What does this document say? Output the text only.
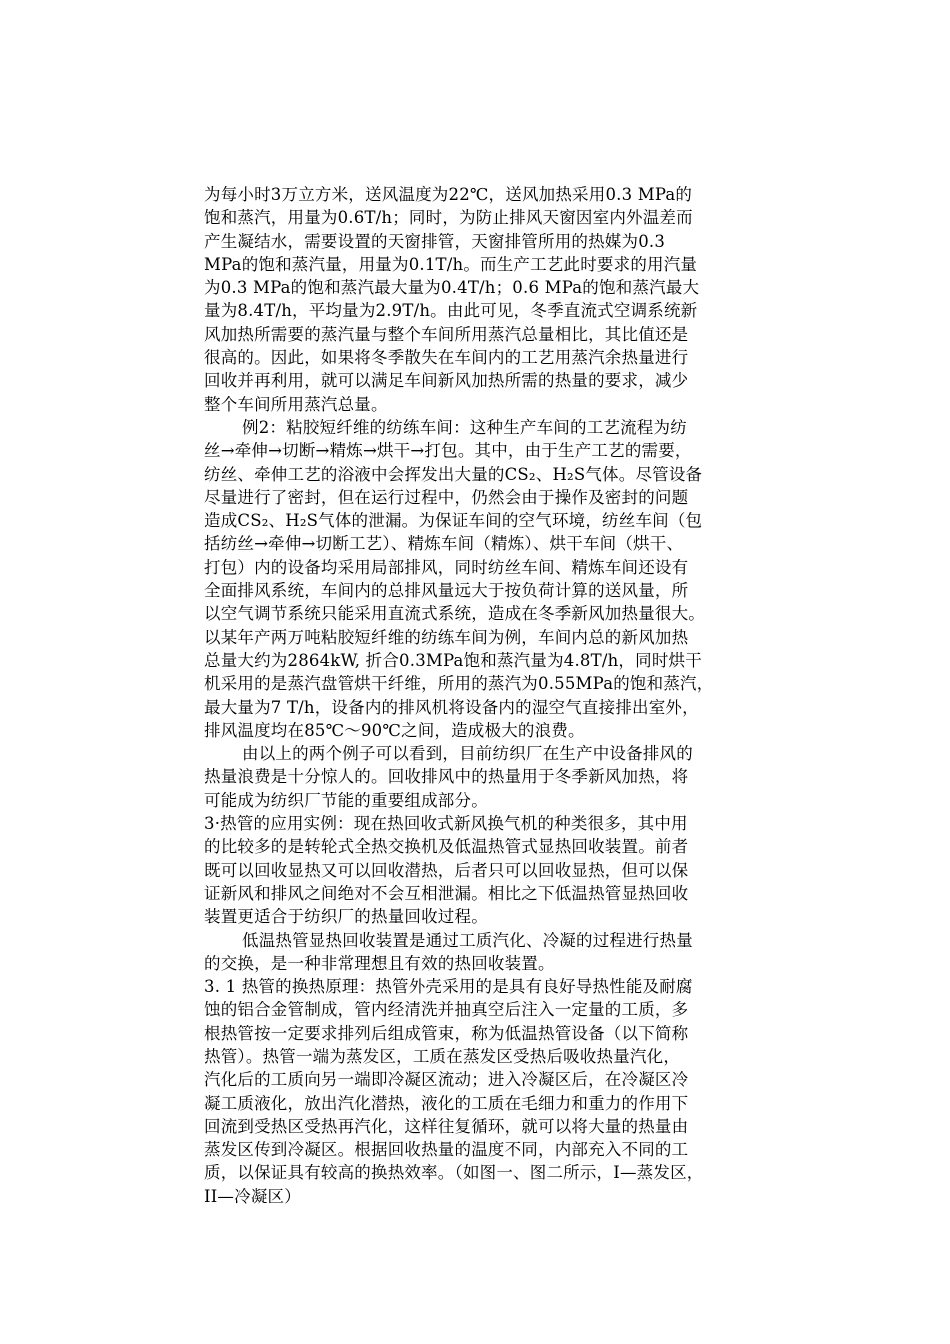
为每小时3万立方米，送风温度为22℃，送风加热采用0.3 MPa的
饱和蒸汽，用量为0.6T/h；同时，为防止排风天窗因室内外温差而
产生凝结水，需要设置的天窗排管，天窗排管所用的热媒为0.3
MPa的饱和蒸汽量，用量为0.1T/h。而生产工艺此时要求的用汽量
为0.3 MPa的饱和蒸汽最大量为0.4T/h；0.6 MPa的饱和蒸汽最大
量为8.4T/h，平均量为2.9T/h。由此可见，冬季直流式空调系统新
风加热所需要的蒸汽量与整个车间所用蒸汽总量相比，其比值还是
很高的。因此，如果将冬季散失在车间内的工艺用蒸汽余热量进行
回收并再利用，就可以满足车间新风加热所需的热量的要求，减少
整个车间所用蒸汽总量。
例2：粘胶短纤维的纺练车间：这种生产车间的工艺流程为纺
丝→牵伸→切断→精炼→烘干→打包。其中，由于生产工艺的需要，
纺丝、牵伸工艺的浴液中会挥发出大量的CS₂、H₂S气体。尽管设备
尽量进行了密封，但在运行过程中，仍然会由于操作及密封的问题
造成CS₂、H₂S气体的泄漏。为保证车间的空气环境，纺丝车间（包
括纺丝→牵伸→切断工艺）、精炼车间（精炼）、烘干车间（烘干、
打包）内的设备均采用局部排风，同时纺丝车间、精炼车间还设有
全面排风系统，车间内的总排风量远大于按负荷计算的送风量，所
以空气调节系统只能采用直流式系统，造成在冬季新风加热量很大。
以某年产两万吨粘胶短纤维的纺练车间为例，车间内总的新风加热
总量大约为2864kW, 折合0.3MPa饱和蒸汽量为4.8T/h，同时烘干
机采用的是蒸汽盘管烘干纤维，所用的蒸汽为0.55MPa的饱和蒸汽，
最大量为7 T/h，设备内的排风机将设备内的湿空气直接排出室外，
排风温度均在85℃～90℃之间，造成极大的浪费。
由以上的两个例子可以看到，目前纺织厂在生产中设备排风的
热量浪费是十分惊人的。回收排风中的热量用于冬季新风加热，将
可能成为纺织厂节能的重要组成部分。
3·热管的应用实例：现在热回收式新风换气机的种类很多，其中用
的比较多的是转轮式全热交换机及低温热管式显热回收装置。前者
既可以回收显热又可以回收潜热，后者只可以回收显热，但可以保
证新风和排风之间绝对不会互相泄漏。相比之下低温热管显热回收
装置更适合于纺织厂的热量回收过程。
低温热管显热回收装置是通过工质汽化、冷凝的过程进行热量
的交换，是一种非常理想且有效的热回收装置。
3. 1 热管的换热原理：热管外壳采用的是具有良好导热性能及耐腐
蚀的铝合金管制成，管内经清洗并抽真空后注入一定量的工质，多
根热管按一定要求排列后组成管束，称为低温热管设备（以下简称
热管）。热管一端为蒸发区，工质在蒸发区受热后吸收热量汽化，
汽化后的工质向另一端即冷凝区流动；进入冷凝区后，在冷凝区冷
凝工质液化，放出汽化潜热，液化的工质在毛细力和重力的作用下
回流到受热区受热再汽化，这样往复循环，就可以将大量的热量由
蒸发区传到冷凝区。根据回收热量的温度不同，内部充入不同的工
质，以保证具有较高的换热效率。（如图一、图二所示，I—蒸发区，
II—冷凝区）
